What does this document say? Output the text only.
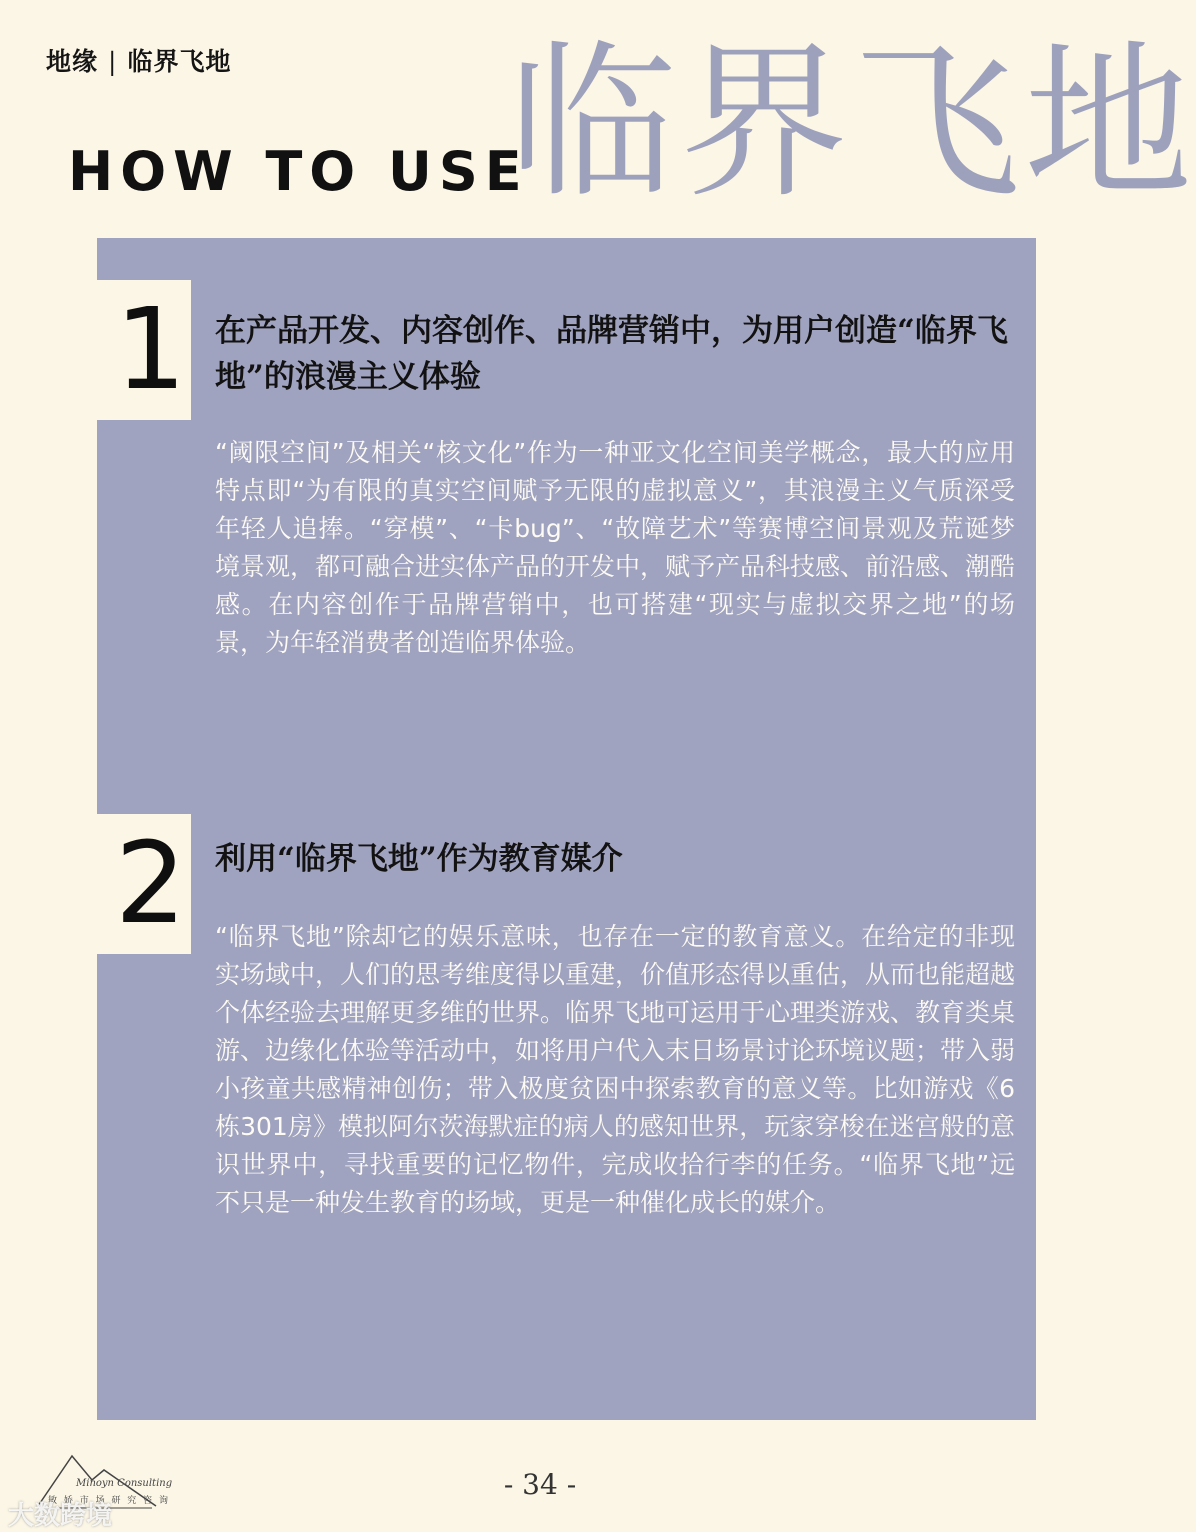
地缘 | 临界飞地
HOW TO USE
临界飞地
1 在产品开发、内容创作、品牌营销中，为用户创造“临界飞地”的浪漫主义体验
“阈限空间”及相关“核文化”作为一种亚文化空间美学概念，最大的应用特点即“为有限的真实空间赋予无限的虚拟意义”，其浪漫主义气质深受年轻人追捧。“穿模”、“卡bug”、“故障艺术”等赛博空间景观及荒诞梦境景观，都可融合进实体产品的开发中，赋予产品科技感、前沿感、潮酷感。在内容创作于品牌营销中，也可搭建“现实与虚拟交界之地”的场景，为年轻消费者创造临界体验。
2 利用“临界飞地”作为教育媒介
“临界飞地”除却它的娱乐意味，也存在一定的教育意义。在给定的非现实场域中，人们的思考维度得以重建，价值形态得以重估，从而也能超越个体经验去理解更多维的世界。临界飞地可运用于心理类游戏、教育类桌游、边缘化体验等活动中，如将用户代入末日场景讨论环境议题；带入弱小孩童共感精神创伤；带入极度贫困中探索教育的意义等。比如游戏《6栋301房》模拟阿尔茨海默症的病人的感知世界，玩家穿梭在迷宫般的意识世界中，寻找重要的记忆物件，完成收拾行李的任务。“临界飞地”远不只是一种发生教育的场域，更是一种催化成长的媒介。
Minoyn Consulting
敏 娇 市 场 研 究 咨 询
大数跨境
- 34 -
